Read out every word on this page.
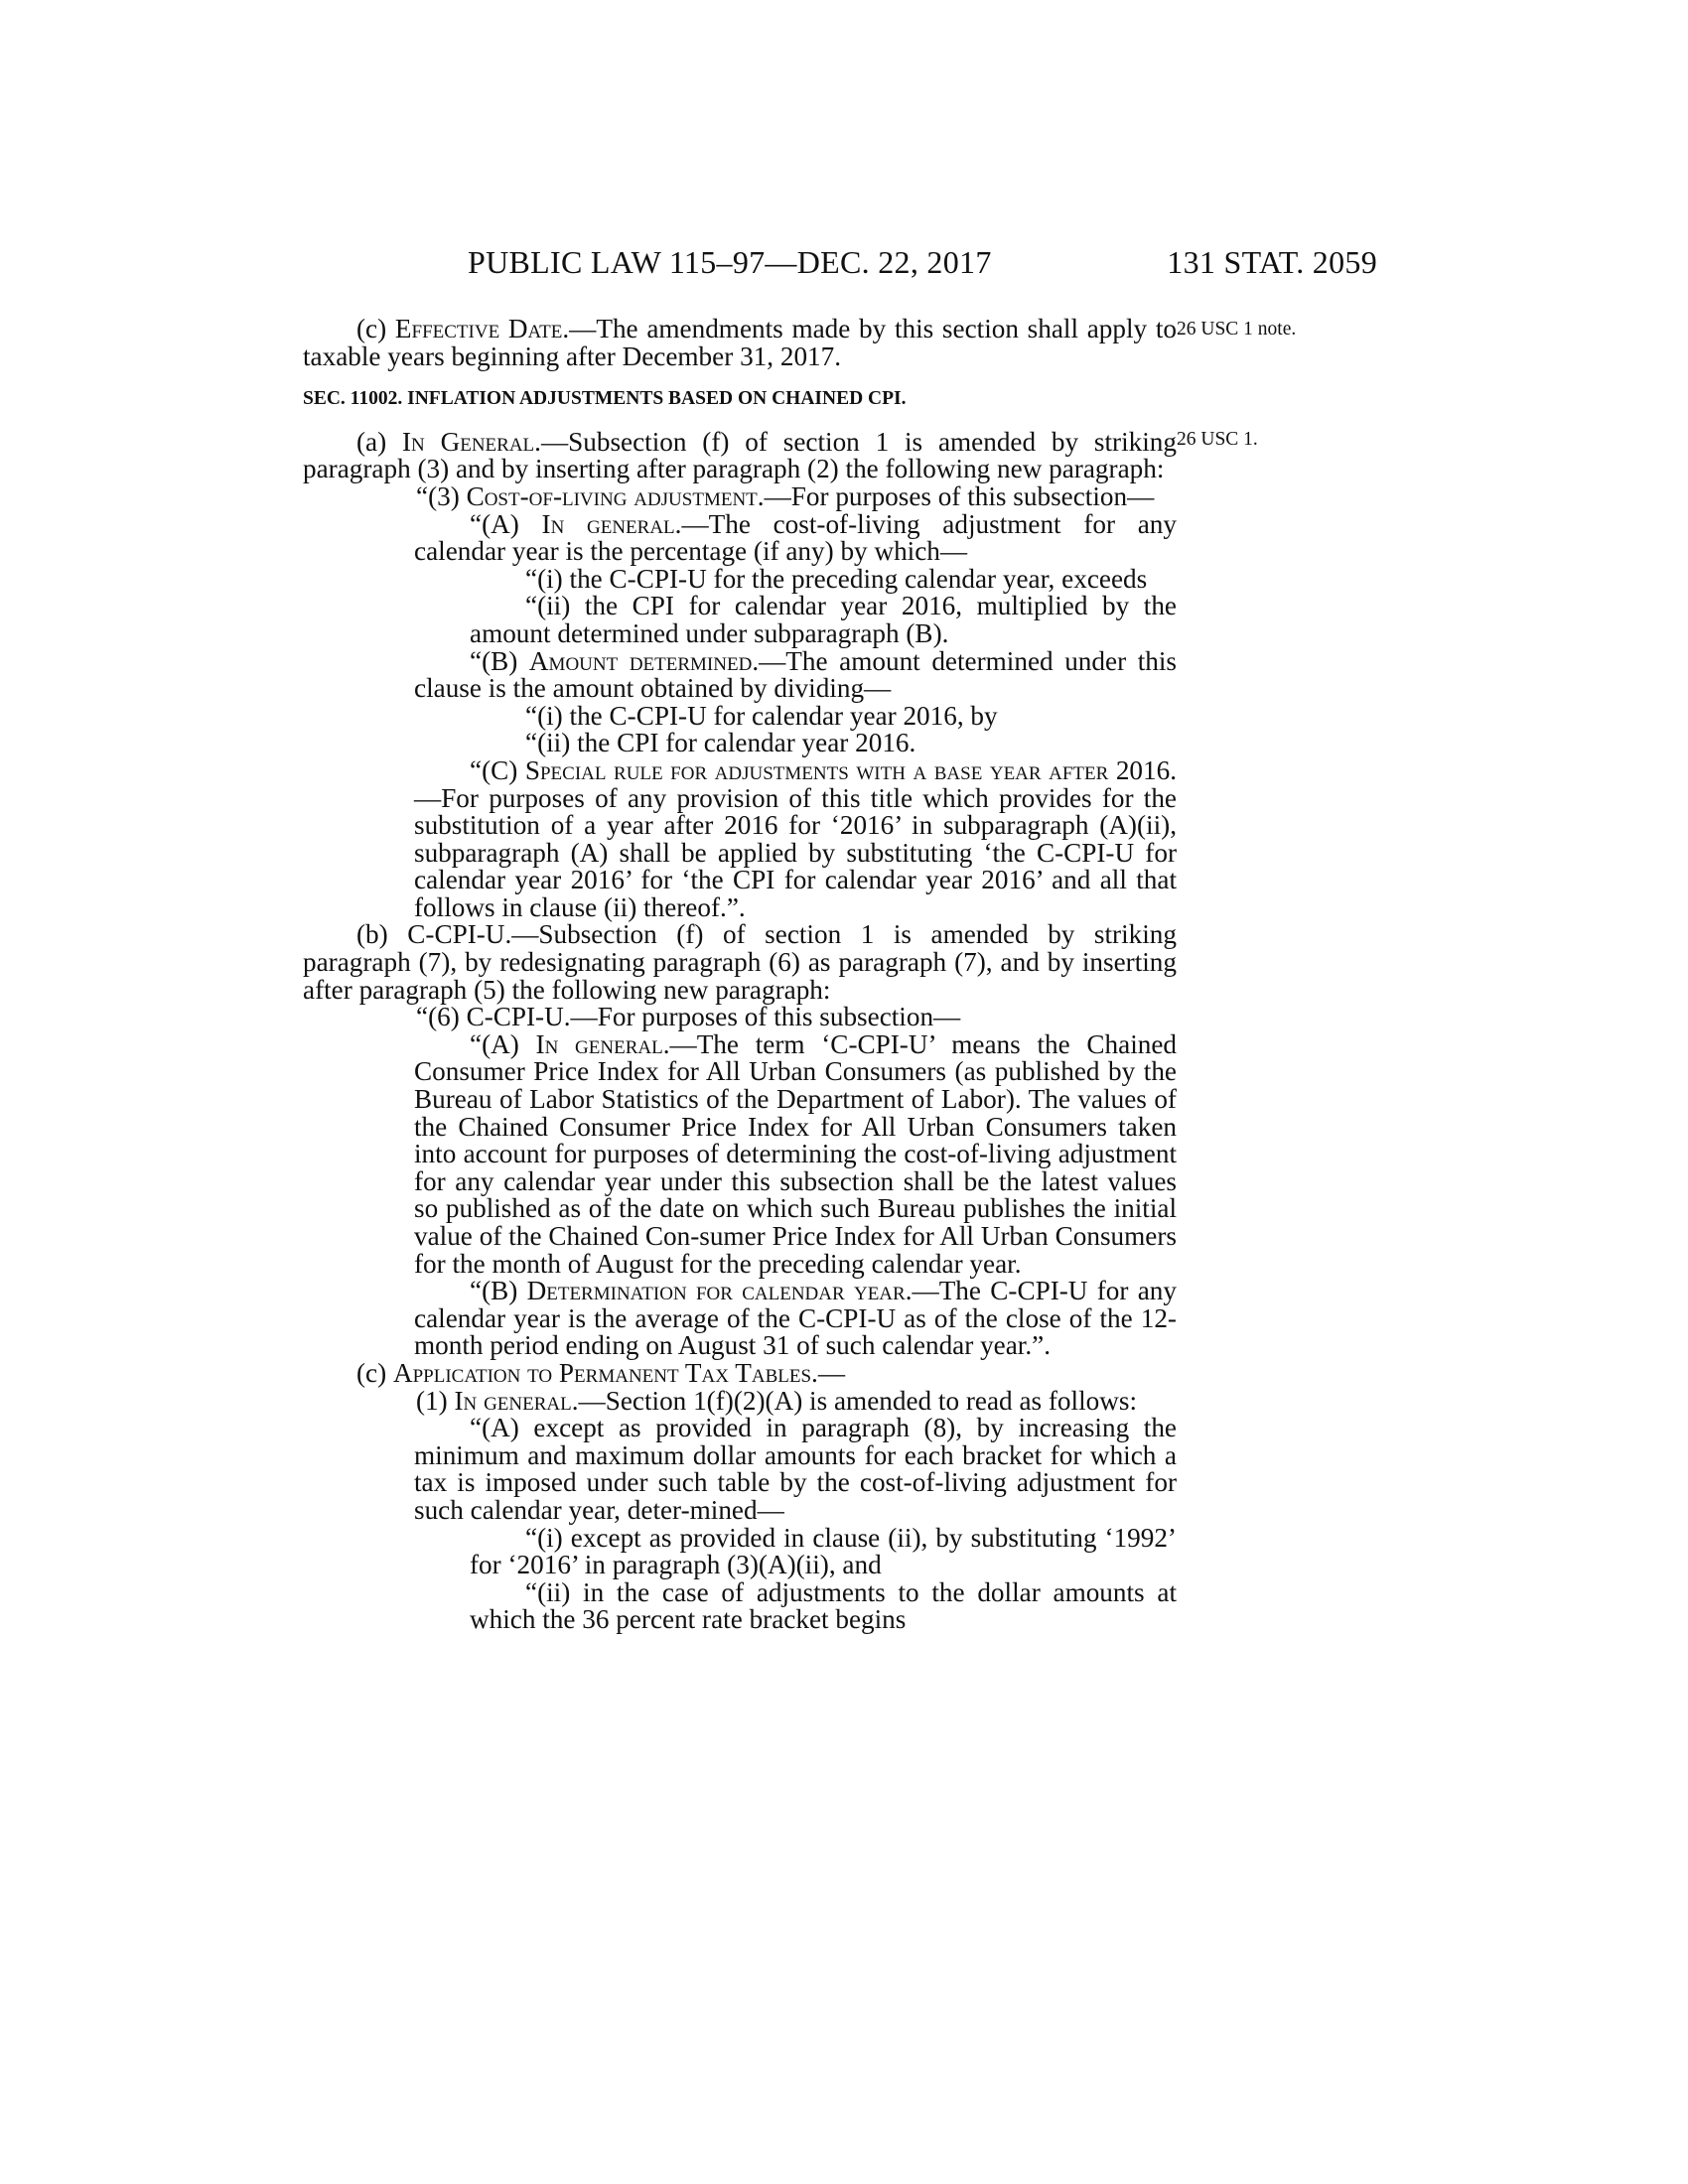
PUBLIC LAW 115–97—DEC. 22, 2017	131 STAT. 2059
26 USC 1 note.
26 USC 1.

(c) Effective Date.—The amendments made by this section shall apply to taxable years beginning after December 31, 2017.

SEC. 11002. INFLATION ADJUSTMENTS BASED ON CHAINED CPI.

(a) In General.—Subsection (f) of section 1 is amended by striking paragraph (3) and by inserting after paragraph (2) the following new paragraph:

“(3) Cost-of-living adjustment.—For purposes of this subsection—

“(A) In general.—The cost-of-living adjustment for any calendar year is the percentage (if any) by which—

“(i) the C-CPI-U for the preceding calendar year, exceeds

“(ii) the CPI for calendar year 2016, multiplied by the amount determined under subparagraph (B).

“(B) Amount determined.—The amount determined under this clause is the amount obtained by dividing—

“(i) the C-CPI-U for calendar year 2016, by

“(ii) the CPI for calendar year 2016.

“(C) Special rule for adjustments with a base year after 2016.—For purposes of any provision of this title which provides for the substitution of a year after 2016 for ‘2016’ in subparagraph (A)(ii), subparagraph (A) shall be applied by substituting ‘the C-CPI-U for calendar year 2016’ for ‘the CPI for calendar year 2016’ and all that follows in clause (ii) thereof.”.

(b) C-CPI-U.—Subsection (f) of section 1 is amended by striking paragraph (7), by redesignating paragraph (6) as paragraph (7), and by inserting after paragraph (5) the following new paragraph:

“(6) C-CPI-U.—For purposes of this subsection—

“(A) In general.—The term ‘C-CPI-U’ means the Chained Consumer Price Index for All Urban Consumers (as published by the Bureau of Labor Statistics of the Department of Labor). The values of the Chained Consumer Price Index for All Urban Consumers taken into account for purposes of determining the cost-of-living adjustment for any calendar year under this subsection shall be the latest values so published as of the date on which such Bureau publishes the initial value of the Chained Con-sumer Price Index for All Urban Consumers for the month of August for the preceding calendar year.

“(B) Determination for calendar year.—The C-CPI-U for any calendar year is the average of the C-CPI-U as of the close of the 12-month period ending on August 31 of such calendar year.”.

(c) Application to Permanent Tax Tables.—

(1) In general.—Section 1(f)(2)(A) is amended to read as follows:

“(A) except as provided in paragraph (8), by increasing the minimum and maximum dollar amounts for each bracket for which a tax is imposed under such table by the cost-of-living adjustment for such calendar year, deter-mined—

“(i) except as provided in clause (ii), by substituting ‘1992’ for ‘2016’ in paragraph (3)(A)(ii), and

“(ii) in the case of adjustments to the dollar amounts at which the 36 percent rate bracket begins
